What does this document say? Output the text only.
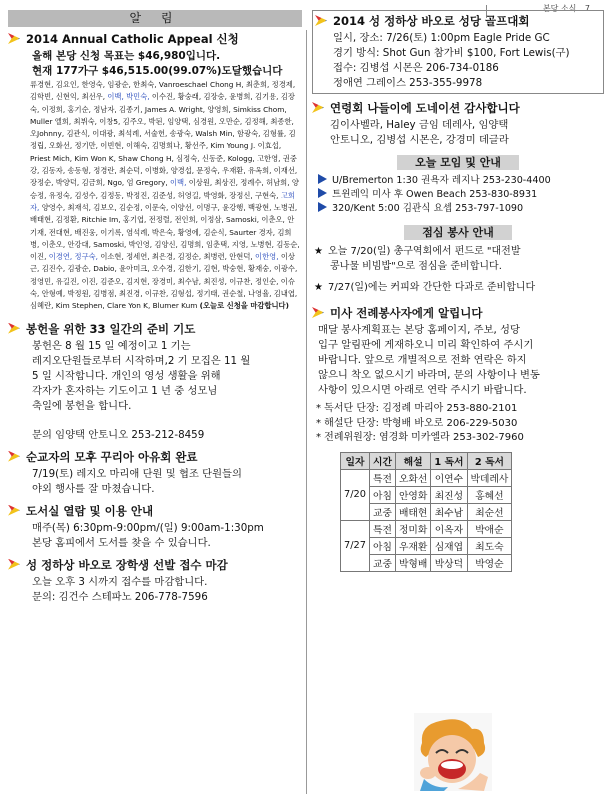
본당 소식 7
알 림
2014 Annual Catholic Appeal 신청
올해 본당 신청 목표는 $46,980입니다.
현재 177가구 $46,515.00(99.07%)도달했습니다
류경현, 김요인, 한영숙, 임광순, 한최숙, Vanroeschael Chong H, 최춘희, 정경제, 김학빈, 신현익, 최선우, 이백, 박민숙, 이수진, 황숭래, 김장숭, 윤병희, 김기용, 김장숙, 이정희, 홍기순, 정남자, 김종기, James A. Wright, 양영희, Simkiss Chom, Muller 엘희, 최뷔숙, 이창5, 김주오, 박된, 임양택, 심경원, 오만순, 김정해, 최종한, 오Johnny, 김관식, 이대광, 최석례, 서술헌, 송광숙, Walsh Min, 함광숙, 김형률, 김정립, 오화선, 정기만, 이빈현, 이해숙, 김명희나, 황선주, Kim Young J. 이효섭, Priest Mich, Kim Won K, Shaw Chong H, 심정숙, 신동준, Kologg, 고한영, 권중강, 김동자, 송동형, 정경란, 최순덕, 이병화, 양경섭, 문정숙, 우재환, 유옥희, 이재선, 장정순, 박양덕, 김금희, Ngo, 엄 Gregory, 이백, 이상원, 최상진, 정례수, 허남희, 양승정, 유정숙, 김성수, 김정동, 박정진, 김준성, 허영길, 박영화, 장정신, 구현숙, 고희자, 양영수, 최재석, 김보오, 김순정, 이문숙, 이양선, 이명구, 윤강행, 백광현, 노병권, 배태현, 김정환, Ritchie Im, 홍기엽, 전정렬, 전인희, 이정삼, Samoski, 이춘오, 안기재, 전대현, 배진웅, 이기록, 염석례, 박은숙, 황영에, 김순식, Saurter 경자, 김희병, 이춘오, 안강대, Samoski, 박인영, 김양신, 김명희, 임춘택, 지영, 노병현, 김동순, 이진, 이경연, 정구숙, 이소현, 정세연, 최은경, 김정순, 최병련, 안현덕, 이한영, 이상근, 김진수, 김광순, Dabio, 윤아미크, 오수경, 김한기, 김현, 박숭현, 황재숭, 이광수, 정영민, 유길진, 이진, 김준오, 김지현, 장경미, 최수남, 최진성, 이규찬, 정인순, 이슈숙, 안형예, 박정원, 김병점, 최진경, 이규찬, 김형섭, 정기태, 권순철, 나영율, 김내엽, 심혜란, Kim Stephen, Clare Yon K, Blumer Kum (오늘로 신청을 마감합니다)
봉헌을 위한 33 일간의 준비 기도
봉헌은 8 월 15 일 예정이고 1 기는
레지오단원들로부터 시작하며,2 기 모집은 11 월
5 일 시작합니다. 개인의 영성 생활을 위해
각자가 혼자하는 기도이고 1 년 중 성모님
축일에 봉헌을 합니다.
문의 임양택 안토니오 253-212-8459
순교자의 모후 꾸리아 아유회 완료
7/19(토) 레지오 마리애 단원 및 협조 단원들의
야외 행사를 잘 마쳤습니다.
도서실 열람 및 이용 안내
매주(목) 6:30pm-9:00pm/(일) 9:00am-1:30pm
본당 홈피에서 도서를 찾을 수 있습니다.
성 정하상 바오로 장학생 선발 접수 마감
오늘 오후 3 시까지 접수를 마감합니다.
문의: 김건수 스테파노 206-778-7596
2014 성 정하상 바오로 성당 골프대회
일시, 장소: 7/26(토) 1:00pm Eagle Pride GC
경기 방식: Shot Gun 참가비 $100, Fort Lewis(구)
접수: 김병섭 시몬은 206-734-0186
정애연 그레이스 253-355-9978
연령회 나들이에 도네이션 감사합니다
김이사벨라, Haley 금임 데레사, 임양택
안토니오, 김병섭 시몬은, 강경미 데글라
오늘 모임 및 안내
U/Bremerton 1:30 권욕자 레지나 253-230-4400
트윈레익 미사 후 Owen Beach 253-830-8931
320/Kent 5:00 김관식 요셉 253-797-1090
점심 봉사 안내
★ 오늘 7/20(일) 총구역회에서 펀드로 "대전발
콩나물 비빔밥"으로 점심을 준비합니다.
★ 7/27(일)에는 커피와 간단한 다과로 준비합니다
미사 전례봉사자에게 알립니다
매달 봉사계획표는 본당 홈페이지, 주보, 성당
입구 알림판에 게재하오니 미리 확인하여 주시기
바랍니다. 앞으로 개별적으로 전화 연락은 하지
않으니 착오 없으시기 바라며, 문의 사항이나 변동
사항이 있으시면 아래로 연락 주시기 바랍니다.
* 독서단 단장: 김정례 마리아 253-880-2101
* 해설단 단장: 박형배 바오로 206-229-5030
* 전례위원장: 염경화 미카엘라 253-302-7960
일자	시간	해설	1 독서	2 독서
7/20	특전	오화선	이연수	박데레사
	아침	안영화	최진성	홍혜선
	교중	배태현	최수남	최순선
7/27	특전	정미화	이옥자	박애순
	아침	우재환	심재엽	최도숙
	교중	박형배	박상덕	박영순
